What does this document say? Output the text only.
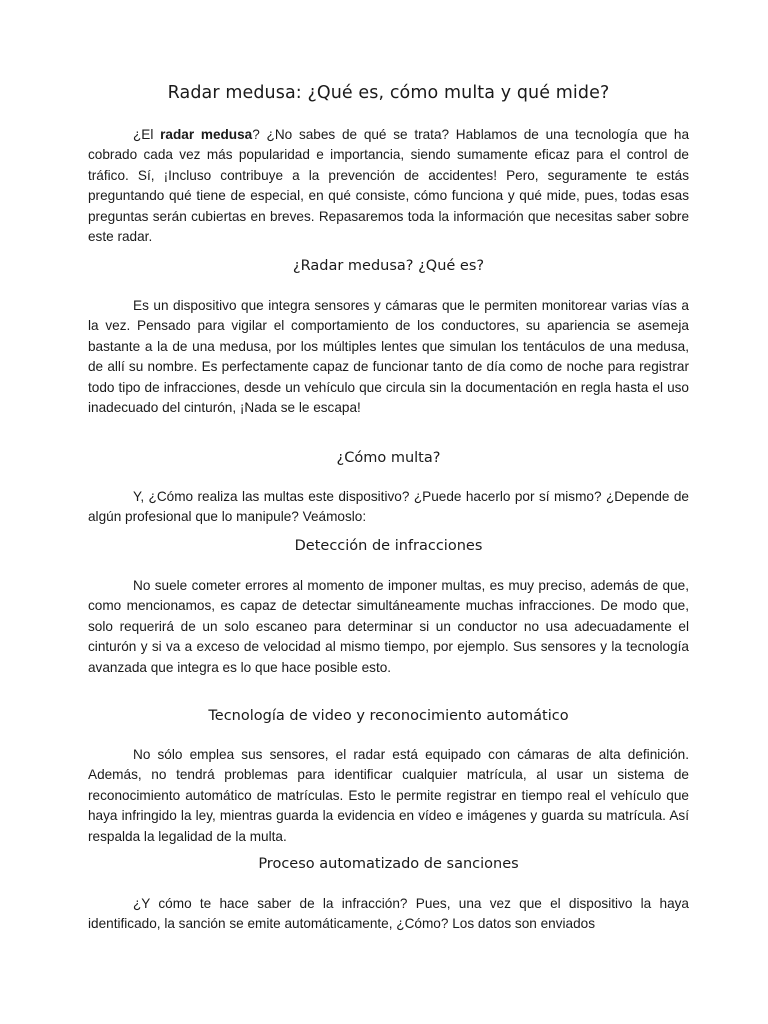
Radar medusa: ¿Qué es, cómo multa y qué mide?

¿El radar medusa? ¿No sabes de qué se trata? Hablamos de una tecnología que ha cobrado cada vez más popularidad e importancia, siendo sumamente eficaz para el control de tráfico. Sí, ¡Incluso contribuye a la prevención de accidentes! Pero, seguramente te estás preguntando qué tiene de especial, en qué consiste, cómo funciona y qué mide, pues, todas esas preguntas serán cubiertas en breves. Repasaremos toda la información que necesitas saber sobre este radar.

¿Radar medusa? ¿Qué es?

Es un dispositivo que integra sensores y cámaras que le permiten monitorear varias vías a la vez. Pensado para vigilar el comportamiento de los conductores, su apariencia se asemeja bastante a la de una medusa, por los múltiples lentes que simulan los tentáculos de una medusa, de allí su nombre. Es perfectamente capaz de funcionar tanto de día como de noche para registrar todo tipo de infracciones, desde un vehículo que circula sin la documentación en regla hasta el uso inadecuado del cinturón, ¡Nada se le escapa!

¿Cómo multa?

Y, ¿Cómo realiza las multas este dispositivo? ¿Puede hacerlo por sí mismo? ¿Depende de algún profesional que lo manipule? Veámoslo:

Detección de infracciones

No suele cometer errores al momento de imponer multas, es muy preciso, además de que, como mencionamos, es capaz de detectar simultáneamente muchas infracciones. De modo que, solo requerirá de un solo escaneo para determinar si un conductor no usa adecuadamente el cinturón y si va a exceso de velocidad al mismo tiempo, por ejemplo. Sus sensores y la tecnología avanzada que integra es lo que hace posible esto.

Tecnología de video y reconocimiento automático

No sólo emplea sus sensores, el radar está equipado con cámaras de alta definición. Además, no tendrá problemas para identificar cualquier matrícula, al usar un sistema de reconocimiento automático de matrículas. Esto le permite registrar en tiempo real el vehículo que haya infringido la ley, mientras guarda la evidencia en vídeo e imágenes y guarda su matrícula. Así respalda la legalidad de la multa.

Proceso automatizado de sanciones

¿Y cómo te hace saber de la infracción? Pues, una vez que el dispositivo la haya identificado, la sanción se emite automáticamente, ¿Cómo? Los datos son enviados
